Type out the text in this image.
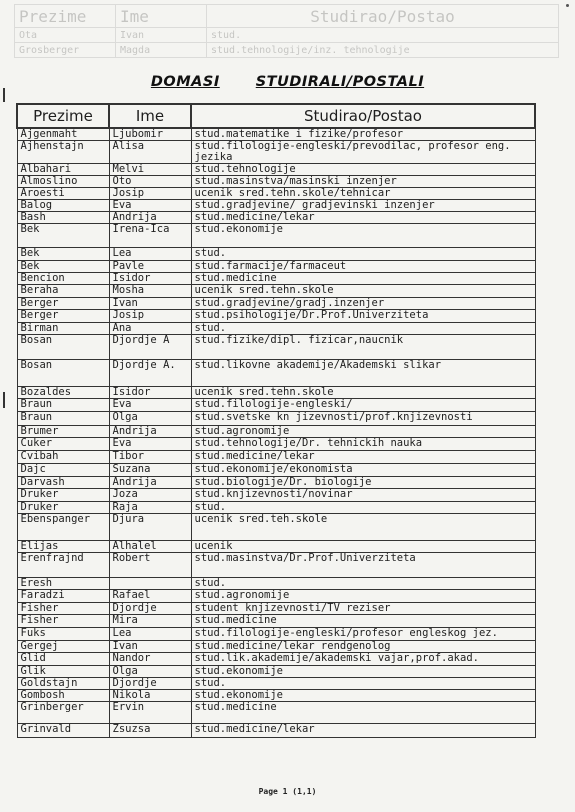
Prezime	Ime	Studirao/Postao
Ota	Ivan	stud.
Grosberger	Magda	stud.tehnologije/inz. tehnologije
DOMASI STUDIRALI/POSTALI
Prezime	Ime	Studirao/Postao
Ajgenmaht	Ljubomir	stud.matematike i fizike/profesor
Ajhenstajn	Alisa	stud.filologije-engleski/prevodilac, profesor eng. jezika
Albahari	Melvi	stud.tehnologije
Almoslino	Oto	stud.masinstva/masinski inzenjer
Aroesti	Josip	ucenik sred.tehn.skole/tehnicar
Balog	Eva	stud.gradjevine/ gradjevinski inzenjer
Bash	Andrija	stud.medicine/lekar
Bek	Irena-Ica	stud.ekonomije
Bek	Lea	stud.
Bek	Pavle	stud.farmacije/farmaceut
Bencion	Isidor	stud.medicine
Beraha	Mosha	ucenik sred.tehn.skole
Berger	Ivan	stud.gradjevine/gradj.inzenjer
Berger	Josip	stud.psihologije/Dr.Prof.Univerziteta
Birman	Ana	stud.
Bosan	Djordje A	stud.fizike/dipl. fizicar,naucnik
Bosan	Djordje A.	stud.likovne akademije/Akademski slikar
Bozaldes	Isidor	ucenik sred.tehn.skole
Braun	Eva	stud.filologije-engleski/
Braun	Olga	stud.svetske kn jizevnosti/prof.knjizevnosti
Brumer	Andrija	stud.agronomije
Cuker	Eva	stud.tehnologije/Dr. tehnickih nauka
Cvibah	Tibor	stud.medicine/lekar
Dajc	Suzana	stud.ekonomije/ekonomista
Darvash	Andrija	stud.biologije/Dr. biologije
Druker	Joza	stud.knjizevnosti/novinar
Druker	Raja	stud.
Ebenspanger	Djura	ucenik sred.teh.skole
Elijas	Alhalel	ucenik
Erenfrajnd	Robert	stud.masinstva/Dr.Prof.Univerziteta
Eresh		stud.
Faradzi	Rafael	stud.agronomije
Fisher	Djordje	student knjizevnosti/TV reziser
Fisher	Mira	stud.medicine
Fuks	Lea	stud.filologije-engleski/profesor engleskog jez.
Gergej	Ivan	stud.medicine/lekar rendgenolog
Glid	Nandor	stud.lik.akademije/akademski vajar,prof.akad.
Glik	Olga	stud.ekonomije
Goldstajn	Djordje	stud.
Gombosh	Nikola	stud.ekonomije
Grinberger	Ervin	stud.medicine
Grinvald	Zsuzsa	stud.medicine/lekar
Page 1 (1,1)
